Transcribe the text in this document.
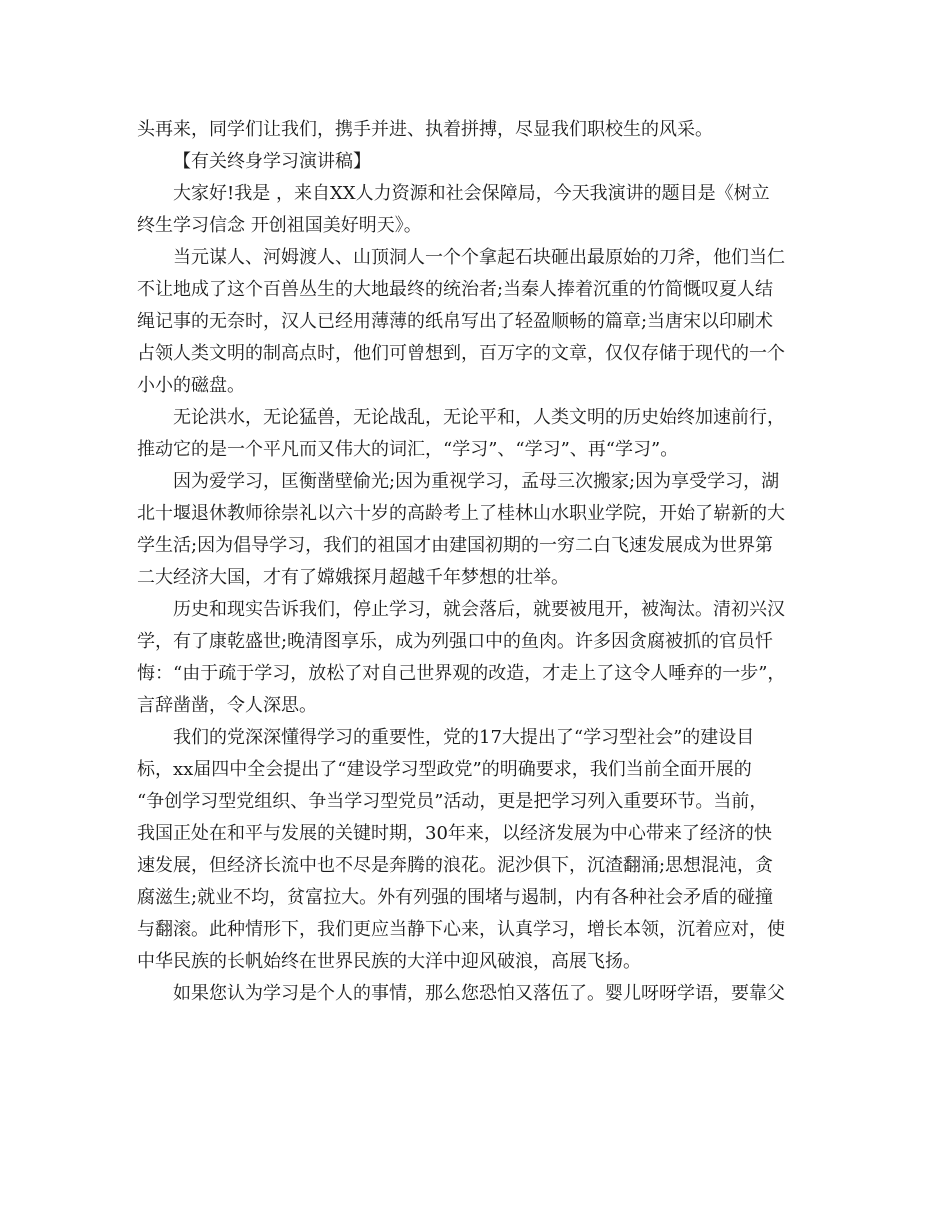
头再来，同学们让我们，携手并进、执着拼搏，尽显我们职校生的风采。
【有关终身学习演讲稿】
大家好!我是 ，来自XX人力资源和社会保障局，今天我演讲的题目是《树立
终生学习信念 开创祖国美好明天》。
当元谋人、河姆渡人、山顶洞人一个个拿起石块砸出最原始的刀斧，他们当仁
不让地成了这个百兽丛生的大地最终的统治者;当秦人捧着沉重的竹简慨叹夏人结
绳记事的无奈时，汉人已经用薄薄的纸帛写出了轻盈顺畅的篇章;当唐宋以印刷术
占领人类文明的制高点时，他们可曾想到，百万字的文章，仅仅存储于现代的一个
小小的磁盘。
无论洪水，无论猛兽，无论战乱，无论平和，人类文明的历史始终加速前行，
推动它的是一个平凡而又伟大的词汇，“学习”、“学习”、再“学习”。
因为爱学习，匡衡凿壁偷光;因为重视学习，孟母三次搬家;因为享受学习，湖
北十堰退休教师徐崇礼以六十岁的高龄考上了桂林山水职业学院，开始了崭新的大
学生活;因为倡导学习，我们的祖国才由建国初期的一穷二白飞速发展成为世界第
二大经济大国，才有了嫦娥探月超越千年梦想的壮举。
历史和现实告诉我们，停止学习，就会落后，就要被甩开，被淘汰。清初兴汉
学，有了康乾盛世;晚清图享乐，成为列强口中的鱼肉。许多因贪腐被抓的官员忏
悔：“由于疏于学习，放松了对自己世界观的改造，才走上了这令人唾弃的一步”，
言辞凿凿，令人深思。
我们的党深深懂得学习的重要性，党的17大提出了“学习型社会”的建设目
标，xx届四中全会提出了“建设学习型政党”的明确要求，我们当前全面开展的
“争创学习型党组织、争当学习型党员”活动，更是把学习列入重要环节。当前，
我国正处在和平与发展的关键时期，30年来，以经济发展为中心带来了经济的快
速发展，但经济长流中也不尽是奔腾的浪花。泥沙俱下，沉渣翻涌;思想混沌，贪
腐滋生;就业不均，贫富拉大。外有列强的围堵与遏制，内有各种社会矛盾的碰撞
与翻滚。此种情形下，我们更应当静下心来，认真学习，增长本领，沉着应对，使
中华民族的长帆始终在世界民族的大洋中迎风破浪，高展飞扬。
如果您认为学习是个人的事情，那么您恐怕又落伍了。婴儿呀呀学语，要靠父
